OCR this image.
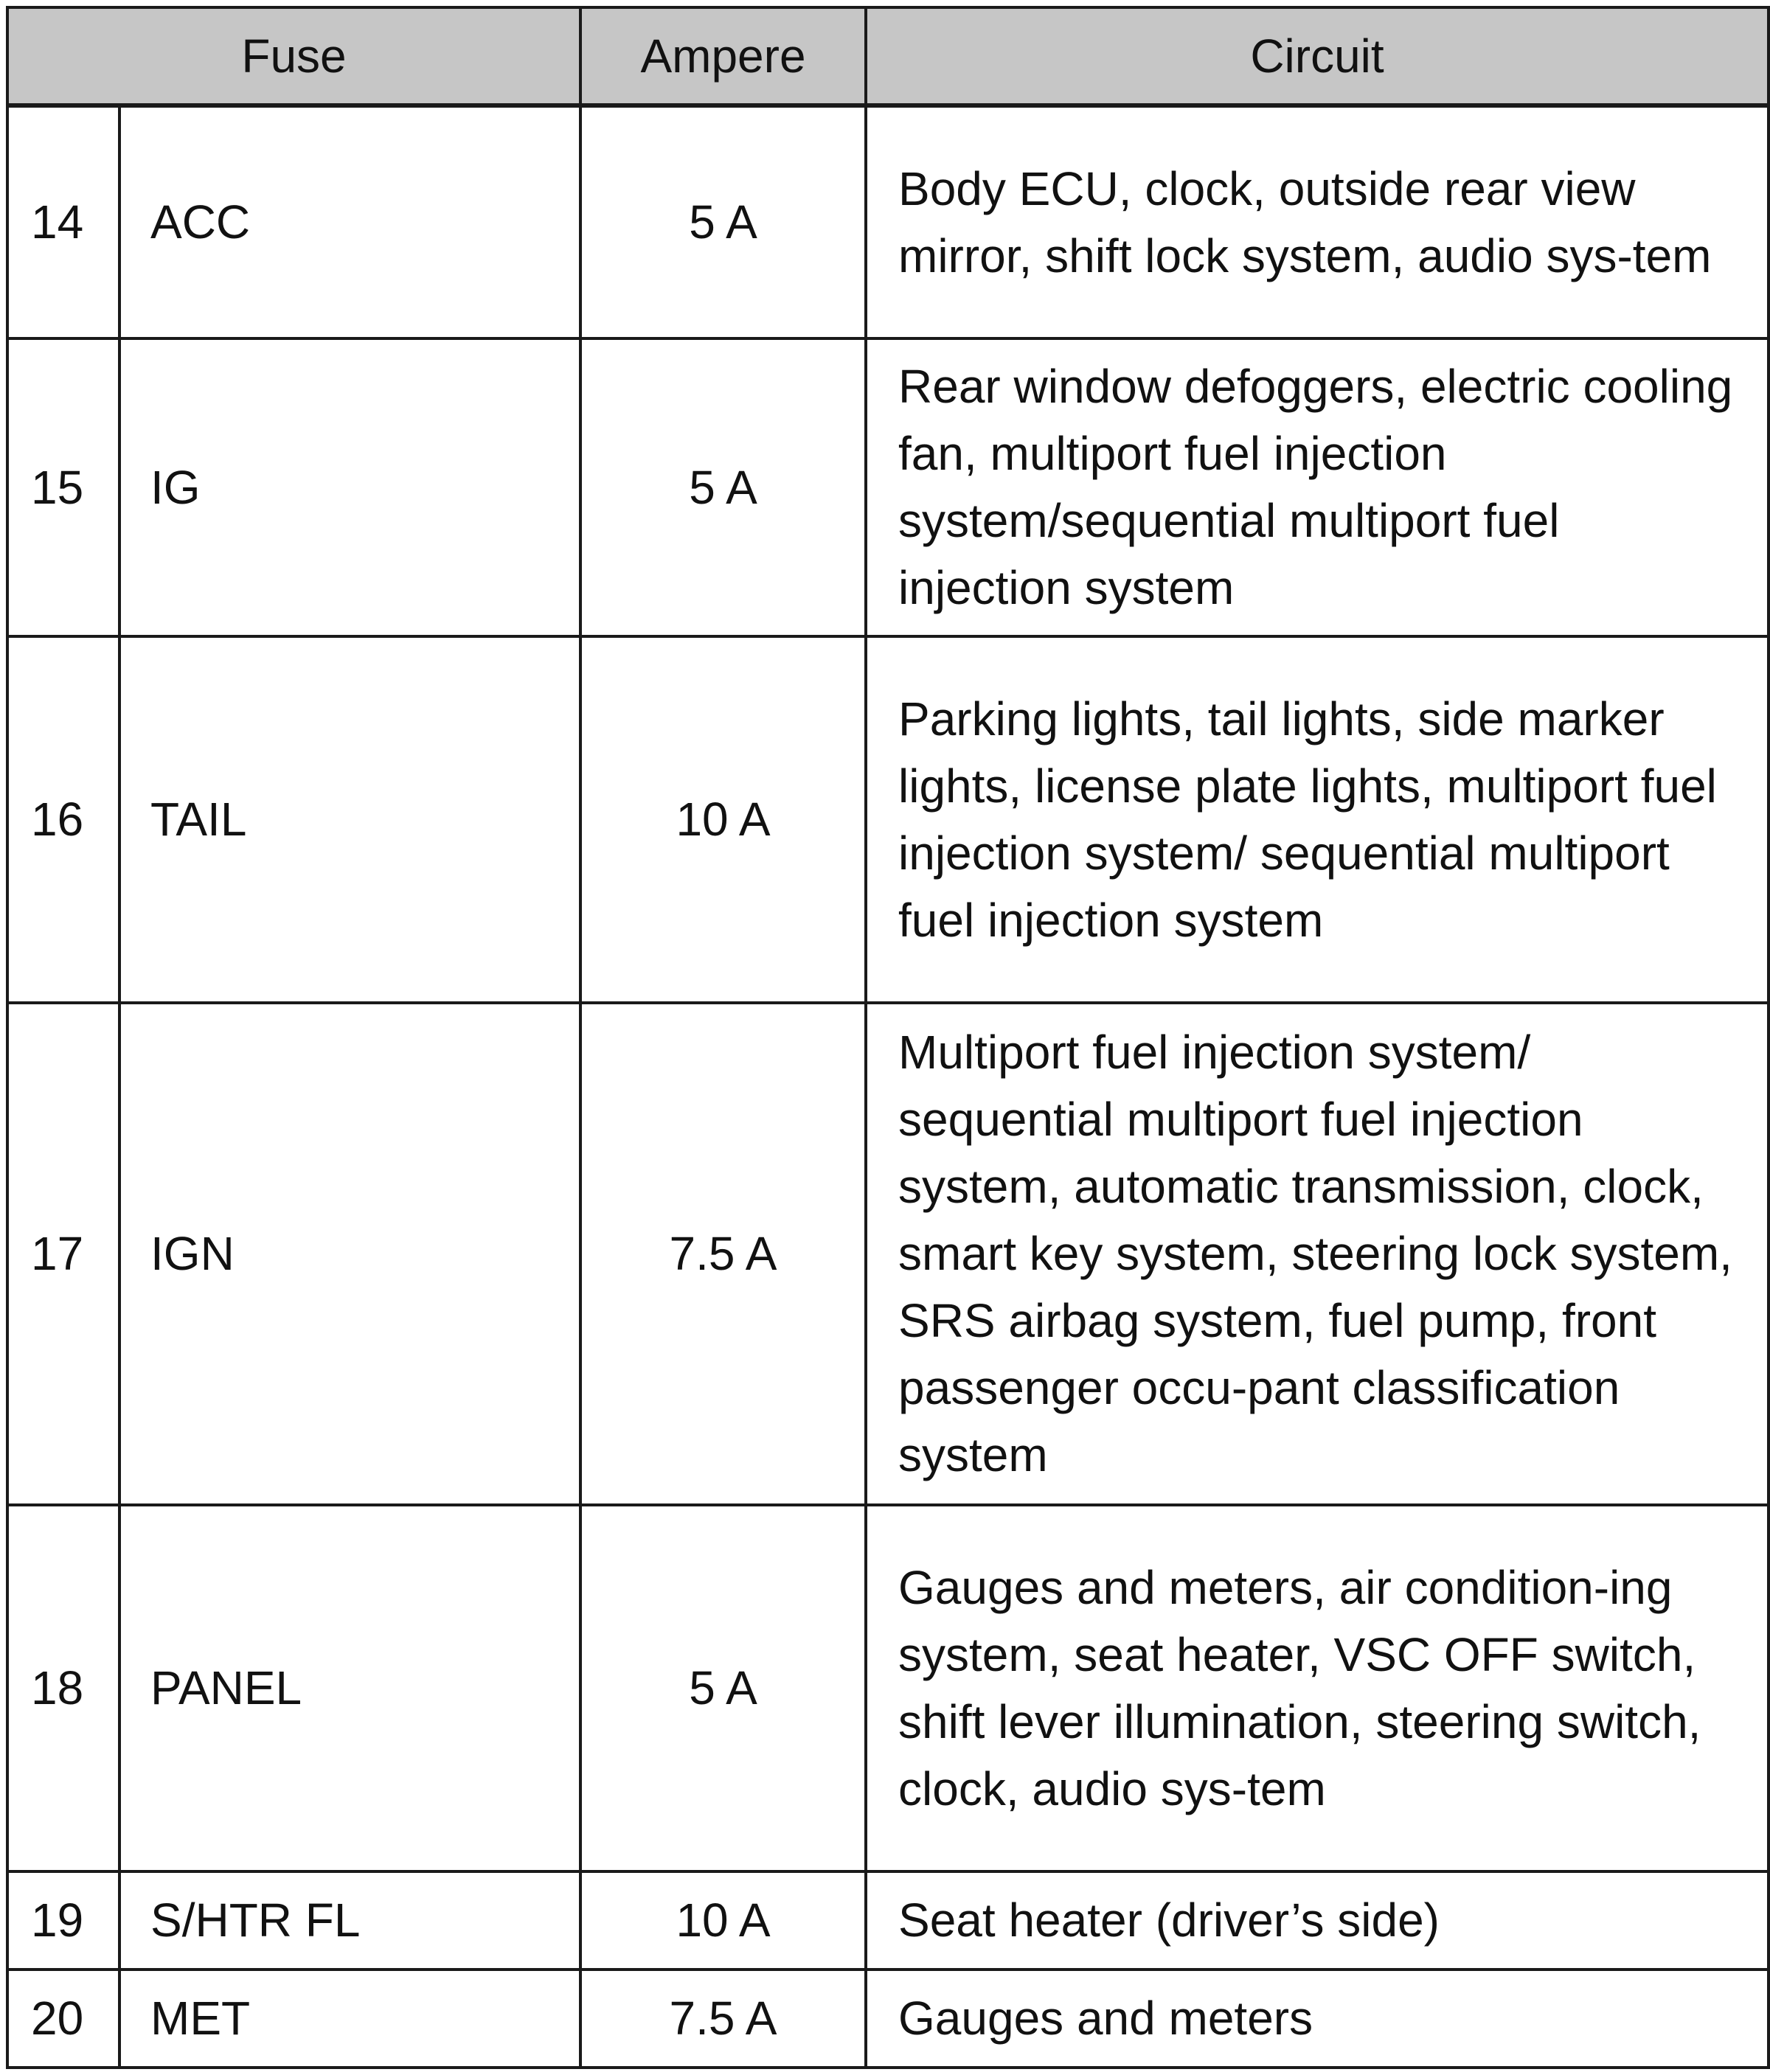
Fuse		Ampere	Circuit
14	ACC	5 A	Body ECU, clock, outside rear view mirror, shift lock system, audio sys-tem
15	IG	5 A	Rear window defoggers, electric cooling fan, multiport fuel injection system/sequential multiport fuel injection system
16	TAIL	10 A	Parking lights, tail lights, side marker lights, license plate lights, multiport fuel injection system/ sequential multiport fuel injection system
17	IGN	7.5 A	Multiport fuel injection system/ sequential multiport fuel injection system, automatic transmission, clock, smart key system, steering lock system, SRS airbag system, fuel pump, front passenger occu-pant classification system
18	PANEL	5 A	Gauges and meters, air condition-ing system, seat heater, VSC OFF switch, shift lever illumination, steering switch, clock, audio sys-tem
19	S/HTR FL	10 A	Seat heater (driver’s side)
20	MET	7.5 A	Gauges and meters
